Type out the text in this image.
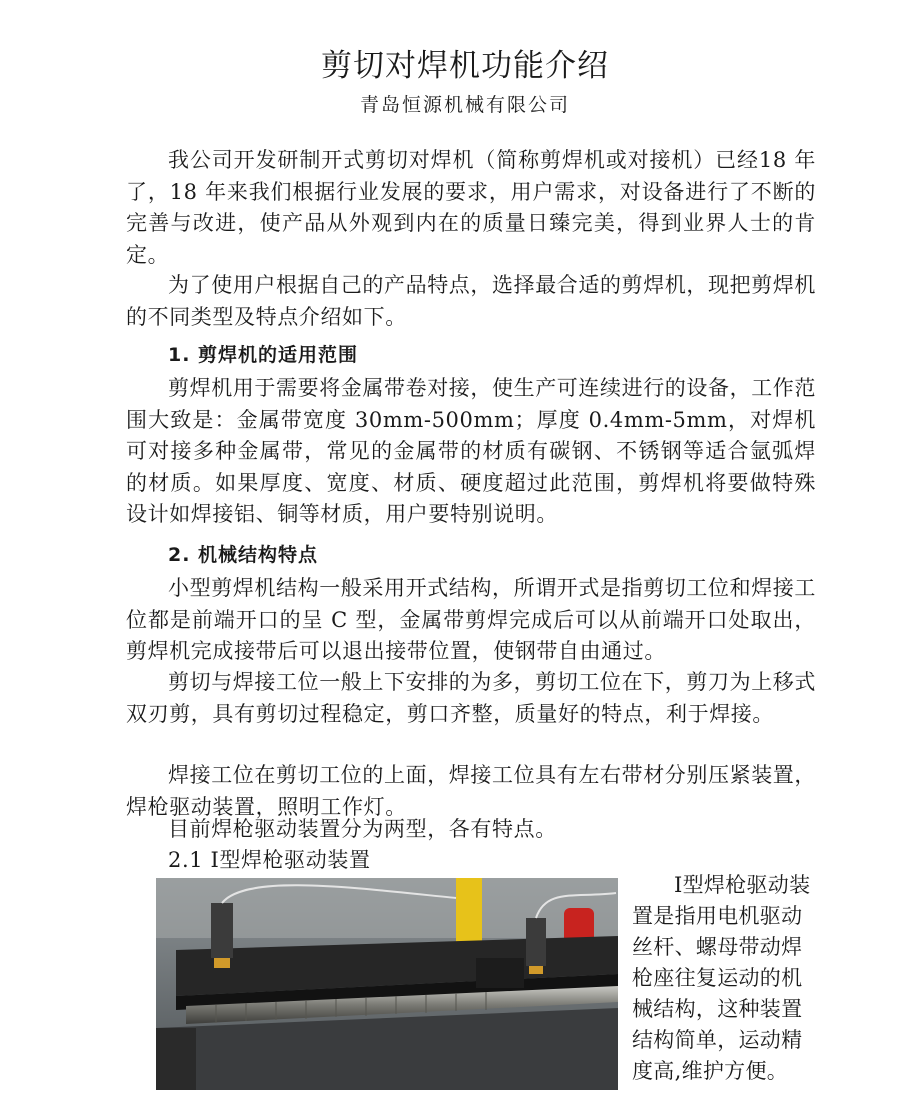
剪切对焊机功能介绍
青岛恒源机械有限公司

我公司开发研制开式剪切对焊机（简称剪焊机或对接机）已经18 年了，18 年来我们根据行业发展的要求，用户需求，对设备进行了不断的完善与改进，使产品从外观到内在的质量日臻完美，得到业界人士的肯定。

为了使用户根据自己的产品特点，选择最合适的剪焊机，现把剪焊机的不同类型及特点介绍如下。

1. 剪焊机的适用范围

剪焊机用于需要将金属带卷对接，使生产可连续进行的设备，工作范围大致是：金属带宽度 30mm-500mm；厚度 0.4mm-5mm，对焊机可对接多种金属带，常见的金属带的材质有碳钢、不锈钢等适合氩弧焊的材质。如果厚度、宽度、材质、硬度超过此范围，剪焊机将要做特殊设计如焊接铝、铜等材质，用户要特别说明。

2. 机械结构特点

小型剪焊机结构一般采用开式结构，所谓开式是指剪切工位和焊接工位都是前端开口的呈 C 型，金属带剪焊完成后可以从前端开口处取出，剪焊机完成接带后可以退出接带位置，使钢带自由通过。

剪切与焊接工位一般上下安排的为多，剪切工位在下，剪刀为上移式双刃剪，具有剪切过程稳定，剪口齐整，质量好的特点，利于焊接。

焊接工位在剪切工位的上面，焊接工位具有左右带材分别压紧装置，焊枪驱动装置，照明工作灯。

目前焊枪驱动装置分为两型，各有特点。

2.1 Ⅰ型焊枪驱动装置

Ⅰ型焊枪驱动装置是指用电机驱动丝杆、螺母带动焊枪座往复运动的机械结构，这种装置结构简单，运动精度高,维护方便。
